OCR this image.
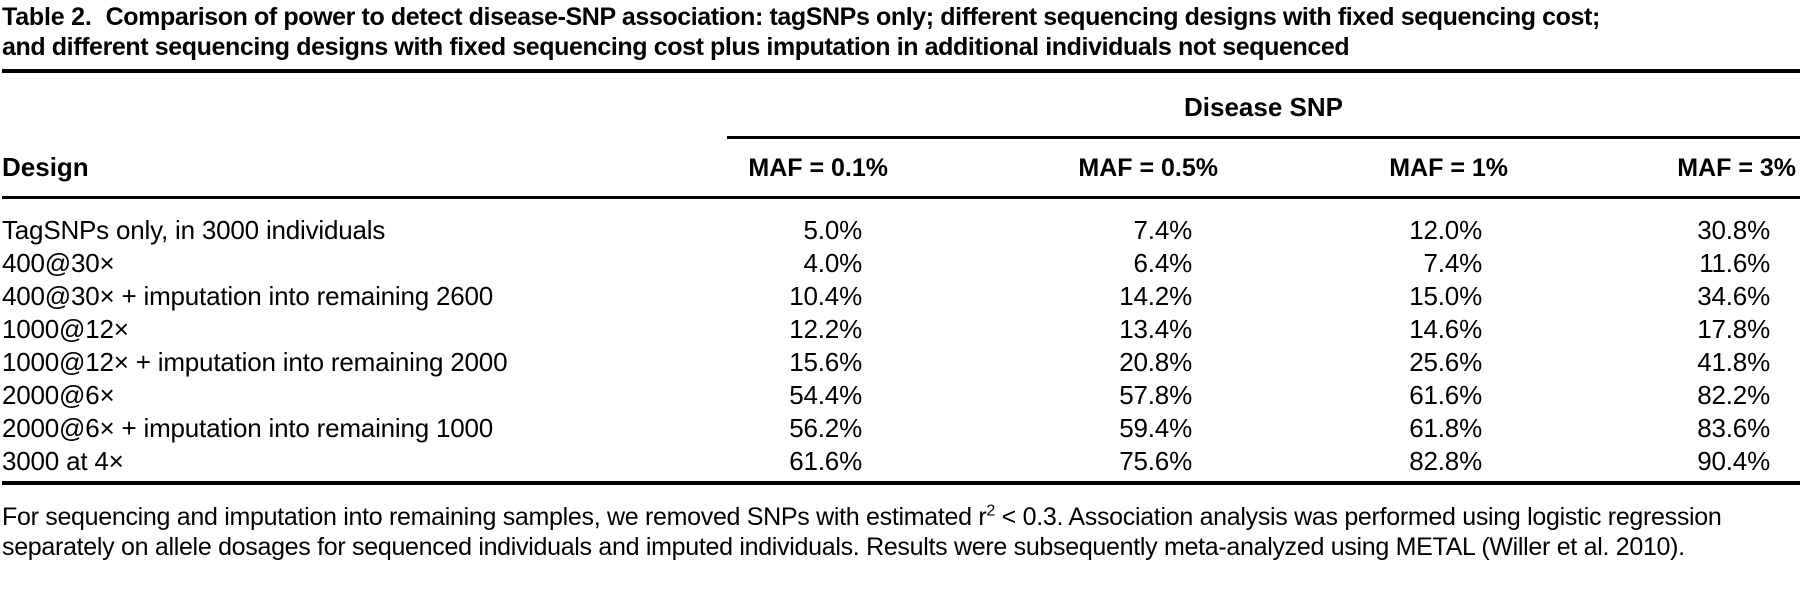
Table 2. Comparison of power to detect disease-SNP association: tagSNPs only; different sequencing designs with fixed sequencing cost;
and different sequencing designs with fixed sequencing cost plus imputation in additional individuals not sequenced
Design	Disease SNP			
	MAF = 0.1%	MAF = 0.5%	MAF = 1%	MAF = 3%
TagSNPs only, in 3000 individuals	5.0%	7.4%	12.0%	30.8%
400@30×	4.0%	6.4%	7.4%	11.6%
400@30× + imputation into remaining 2600	10.4%	14.2%	15.0%	34.6%
1000@12×	12.2%	13.4%	14.6%	17.8%
1000@12× + imputation into remaining 2000	15.6%	20.8%	25.6%	41.8%
2000@6×	54.4%	57.8%	61.6%	82.2%
2000@6× + imputation into remaining 1000	56.2%	59.4%	61.8%	83.6%
3000 at 4×	61.6%	75.6%	82.8%	90.4%
For sequencing and imputation into remaining samples, we removed SNPs with estimated $r^2 < 0.3$. Association analysis was performed using logistic regression separately on allele dosages for sequenced individuals and imputed individuals. Results were subsequently meta-analyzed using METAL (Willer et al. 2010).
